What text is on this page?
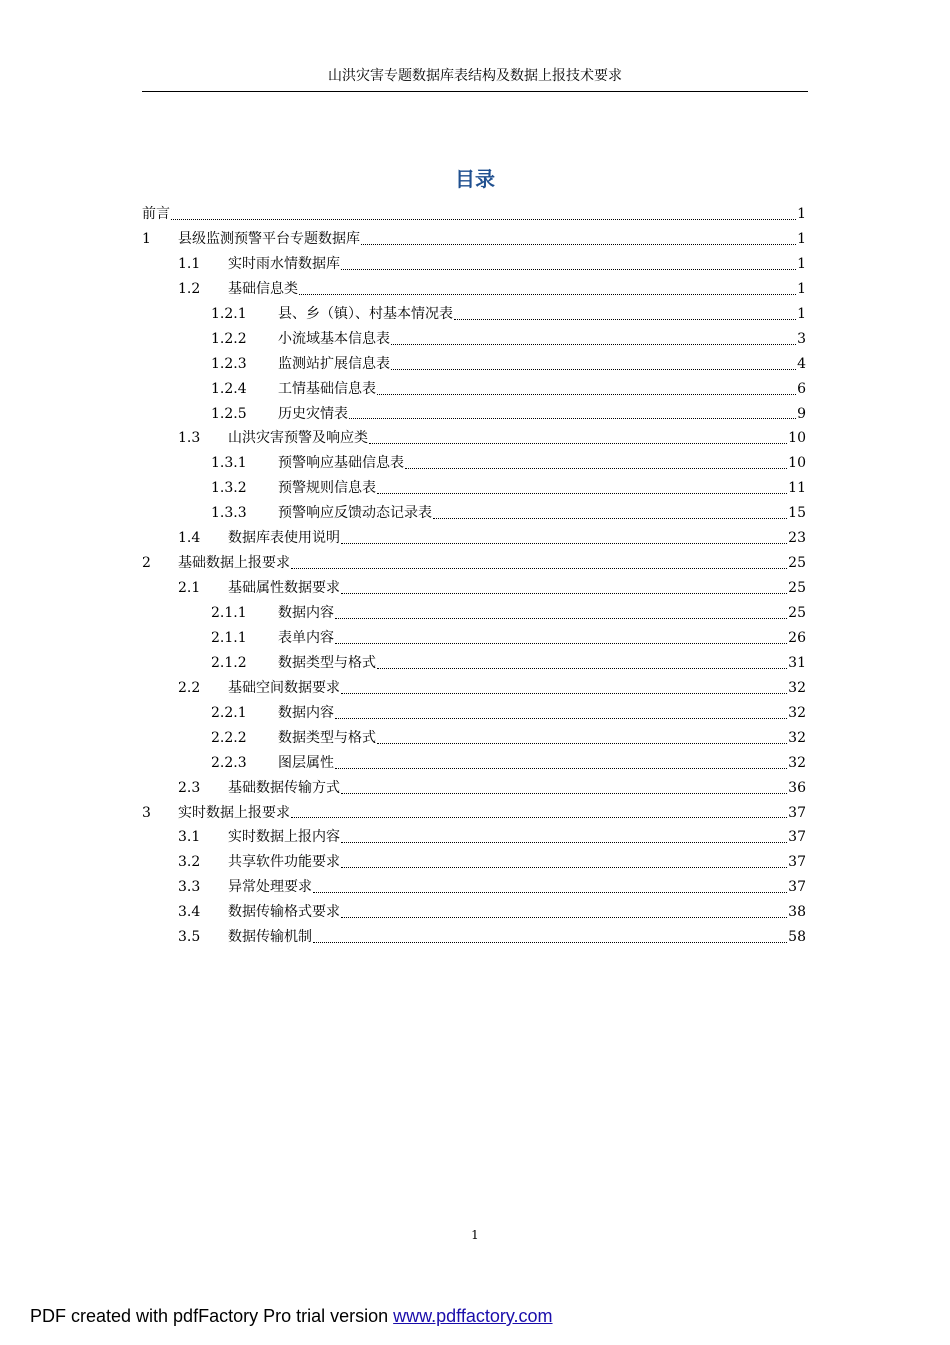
山洪灾害专题数据库表结构及数据上报技术要求
目录
前言	1
1	县级监测预警平台专题数据库	1
1.1	实时雨水情数据库	1
1.2	基础信息类	1
1.2.1	县、乡（镇）、村基本情况表	1
1.2.2	小流域基本信息表	3
1.2.3	监测站扩展信息表	4
1.2.4	工情基础信息表	6
1.2.5	历史灾情表	9
1.3	山洪灾害预警及响应类	10
1.3.1	预警响应基础信息表	10
1.3.2	预警规则信息表	11
1.3.3	预警响应反馈动态记录表	15
1.4	数据库表使用说明	23
2	基础数据上报要求	25
2.1	基础属性数据要求	25
2.1.1	数据内容	25
2.1.1	表单内容	26
2.1.2	数据类型与格式	31
2.2	基础空间数据要求	32
2.2.1	数据内容	32
2.2.2	数据类型与格式	32
2.2.3	图层属性	32
2.3	基础数据传输方式	36
3	实时数据上报要求	37
3.1	实时数据上报内容	37
3.2	共享软件功能要求	37
3.3	异常处理要求	37
3.4	数据传输格式要求	38
3.5	数据传输机制	58
1
PDF created with pdfFactory Pro trial version www.pdffactory.com
